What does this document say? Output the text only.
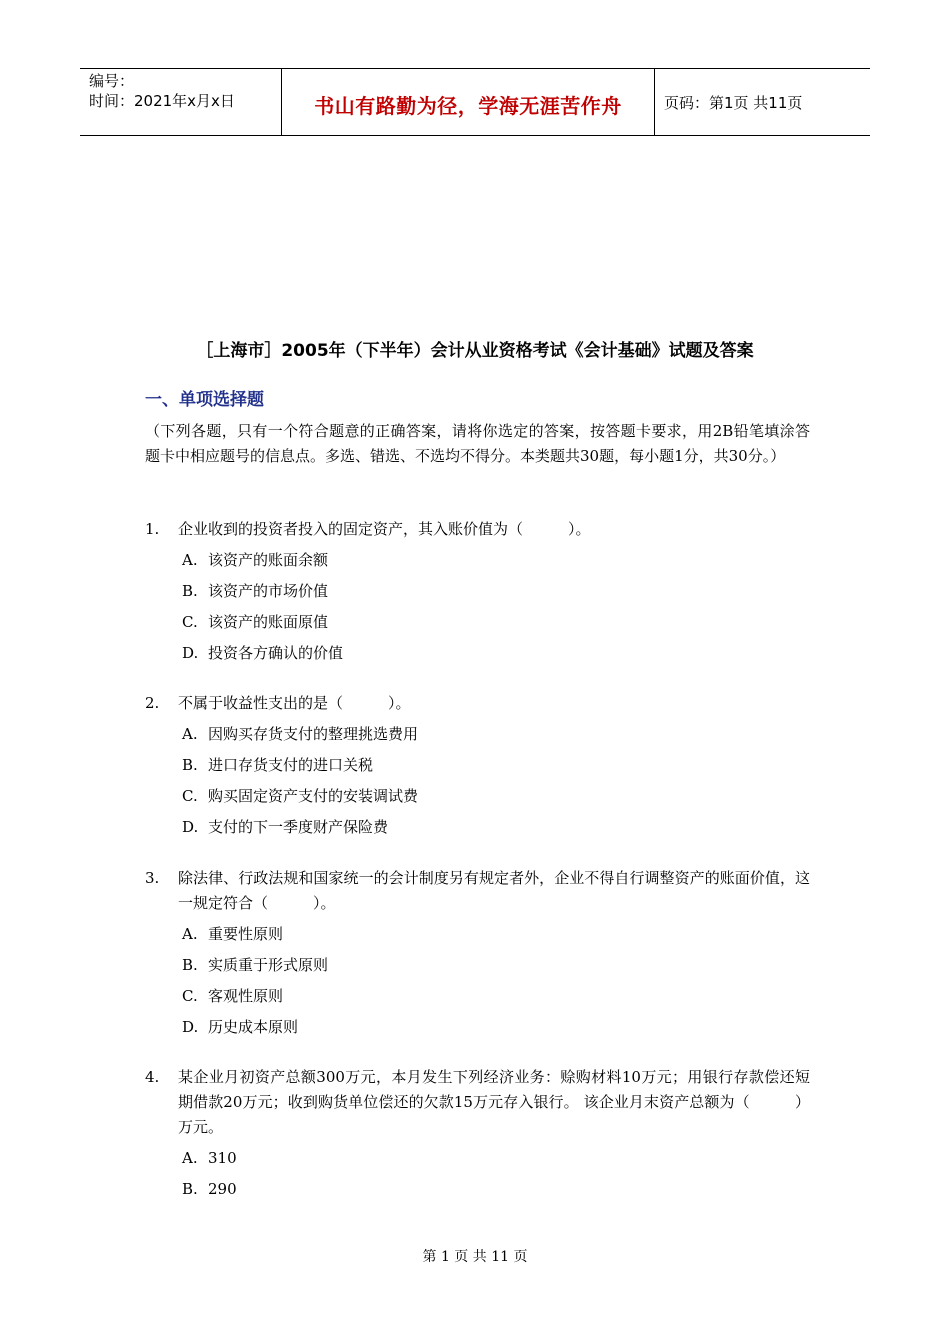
编号：
时间：2021年x月x日	书山有路勤为径，学海无涯苦作舟	页码：第1页 共11页
［上海市］2005年（下半年）会计从业资格考试《会计基础》试题及答案
一、单项选择题
（下列各题，只有一个符合题意的正确答案，请将你选定的答案，按答题卡要求，用2B铅笔填涂答题卡中相应题号的信息点。多选、错选、不选均不得分。本类题共30题，每小题1分，共30分。）
1.	企业收到的投资者投入的固定资产，其入账价值为（　　　）。
A. 该资产的账面余额
B. 该资产的市场价值
C. 该资产的账面原值
D. 投资各方确认的价值
2.	不属于收益性支出的是（　　　）。
A. 因购买存货支付的整理挑选费用
B. 进口存货支付的进口关税
C. 购买固定资产支付的安装调试费
D. 支付的下一季度财产保险费
3.	除法律、行政法规和国家统一的会计制度另有规定者外，企业不得自行调整资产的账面价值，这一规定符合（　　　）。
A. 重要性原则
B. 实质重于形式原则
C. 客观性原则
D. 历史成本原则
4.	某企业月初资产总额300万元，本月发生下列经济业务：赊购材料10万元；用银行存款偿还短期借款20万元；收到购货单位偿还的欠款15万元存入银行。 该企业月末资产总额为（　　　）万元。
A. 310
B. 290
第 1 页 共 11 页
